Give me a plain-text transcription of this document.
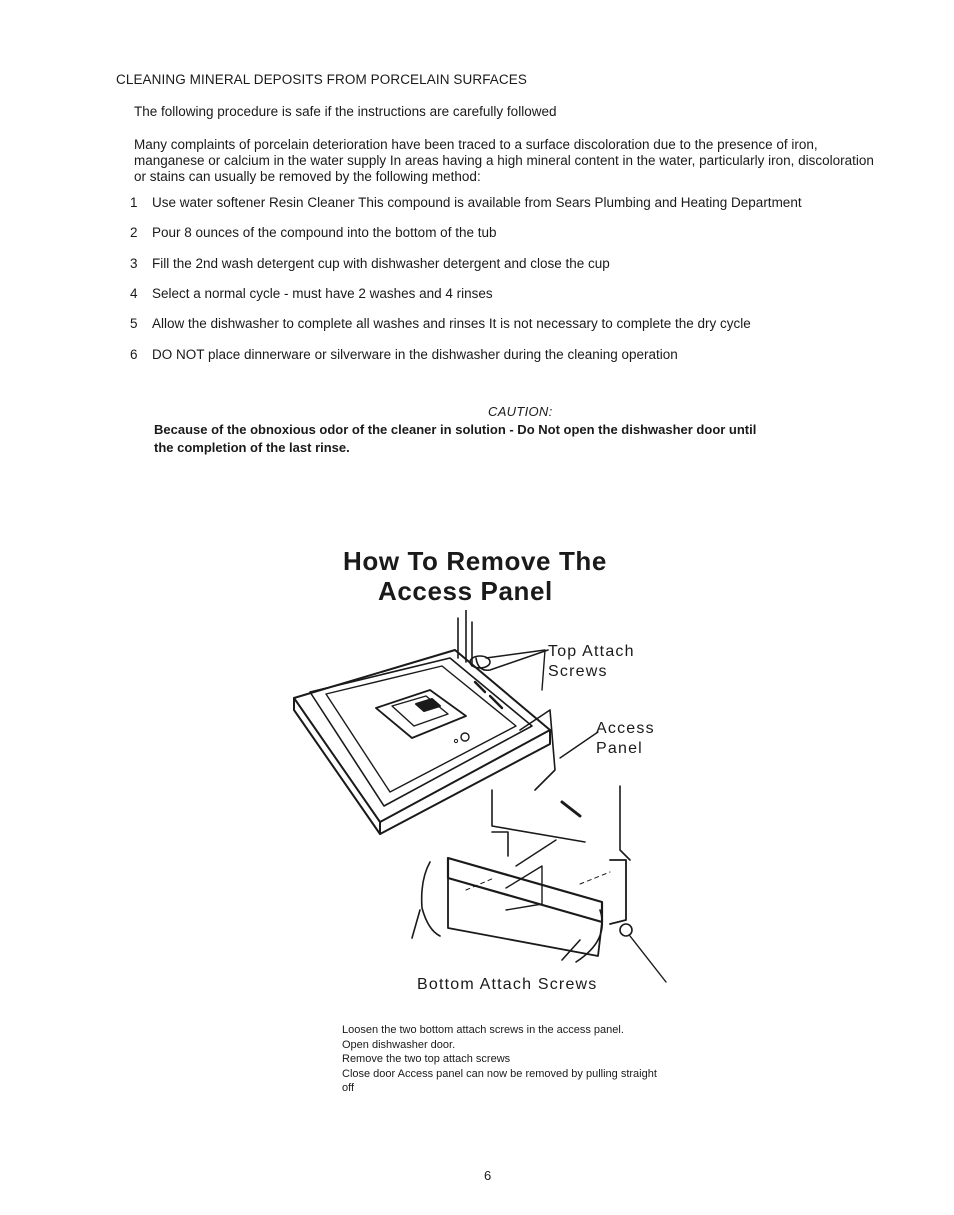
CLEANING MINERAL DEPOSITS FROM PORCELAIN SURFACES
The following procedure is safe if the instructions are carefully followed
Many complaints of porcelain deterioration have been traced to a surface discoloration due to the presence of iron, manganese or calcium in the water supply In areas having a high mineral content in the water, particularly iron, discoloration or stains can usually be removed by the following method:
1 Use water softener Resin Cleaner This compound is available from Sears Plumbing and Heating Department
2 Pour 8 ounces of the compound into the bottom of the tub
3 Fill the 2nd wash detergent cup with dishwasher detergent and close the cup
4 Select a normal cycle - must have 2 washes and 4 rinses
5 Allow the dishwasher to complete all washes and rinses It is not necessary to complete the dry cycle
6 DO NOT place dinnerware or silverware in the dishwasher during the cleaning operation
CAUTION:
Because of the obnoxious odor of the cleaner in solution - Do Not open the dishwasher door until the completion of the last rinse.
How To Remove The
Access Panel
Top Attach
Screws
Access
Panel
Bottom Attach Screws
Loosen the two bottom attach screws in the access panel.
Open dishwasher door.
Remove the two top attach screws
Close door Access panel can now be removed by pulling straight off
6
